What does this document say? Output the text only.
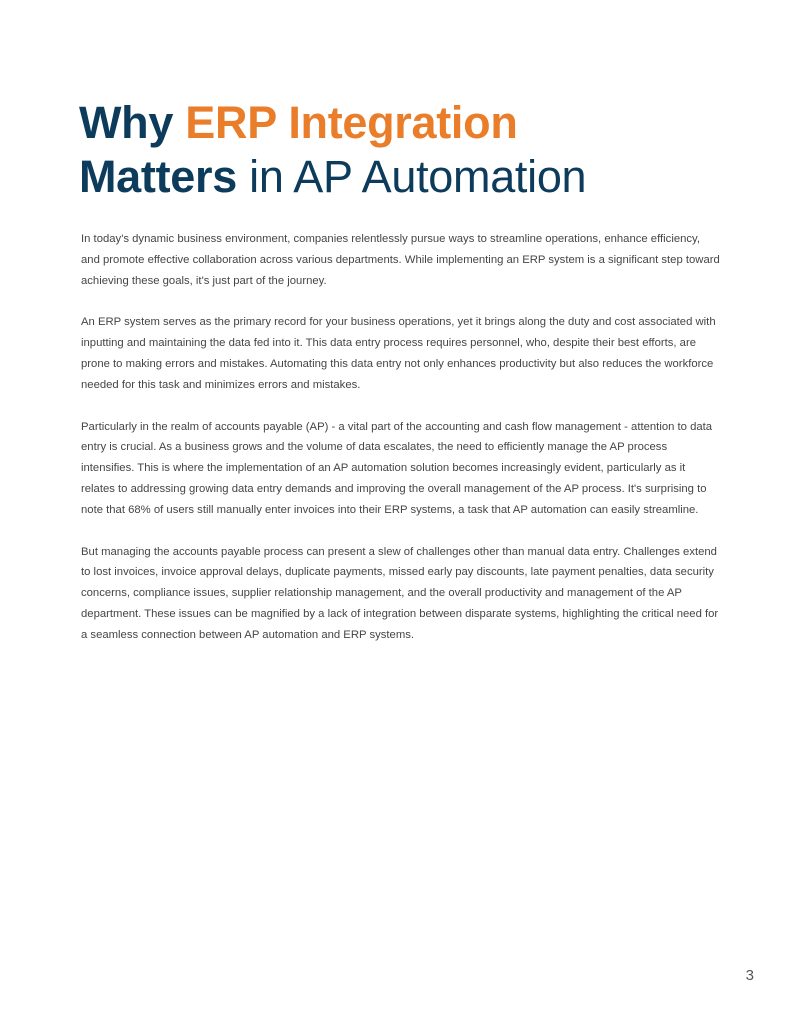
Why ERP Integration
Matters in AP Automation

In today's dynamic business environment, companies relentlessly pursue ways to streamline operations, enhance efficiency, and promote effective collaboration across various departments. While implementing an ERP system is a significant step toward achieving these goals, it's just part of the journey.

An ERP system serves as the primary record for your business operations, yet it brings along the duty and cost associated with inputting and maintaining the data fed into it. This data entry process requires personnel, who, despite their best efforts, are prone to making errors and mistakes. Automating this data entry not only enhances productivity but also reduces the workforce needed for this task and minimizes errors and mistakes.

Particularly in the realm of accounts payable (AP) - a vital part of the accounting and cash flow management - attention to data entry is crucial. As a business grows and the volume of data escalates, the need to efficiently manage the AP process intensifies. This is where the implementation of an AP automation solution becomes increasingly evident, particularly as it relates to addressing growing data entry demands and improving the overall management of the AP process. It's surprising to note that 68% of users still manually enter invoices into their ERP systems, a task that AP automation can easily streamline.

But managing the accounts payable process can present a slew of challenges other than manual data entry. Challenges extend to lost invoices, invoice approval delays, duplicate payments, missed early pay discounts, late payment penalties, data security concerns, compliance issues, supplier relationship management, and the overall productivity and management of the AP department. These issues can be magnified by a lack of integration between disparate systems, highlighting the critical need for a seamless connection between AP automation and ERP systems.

3
